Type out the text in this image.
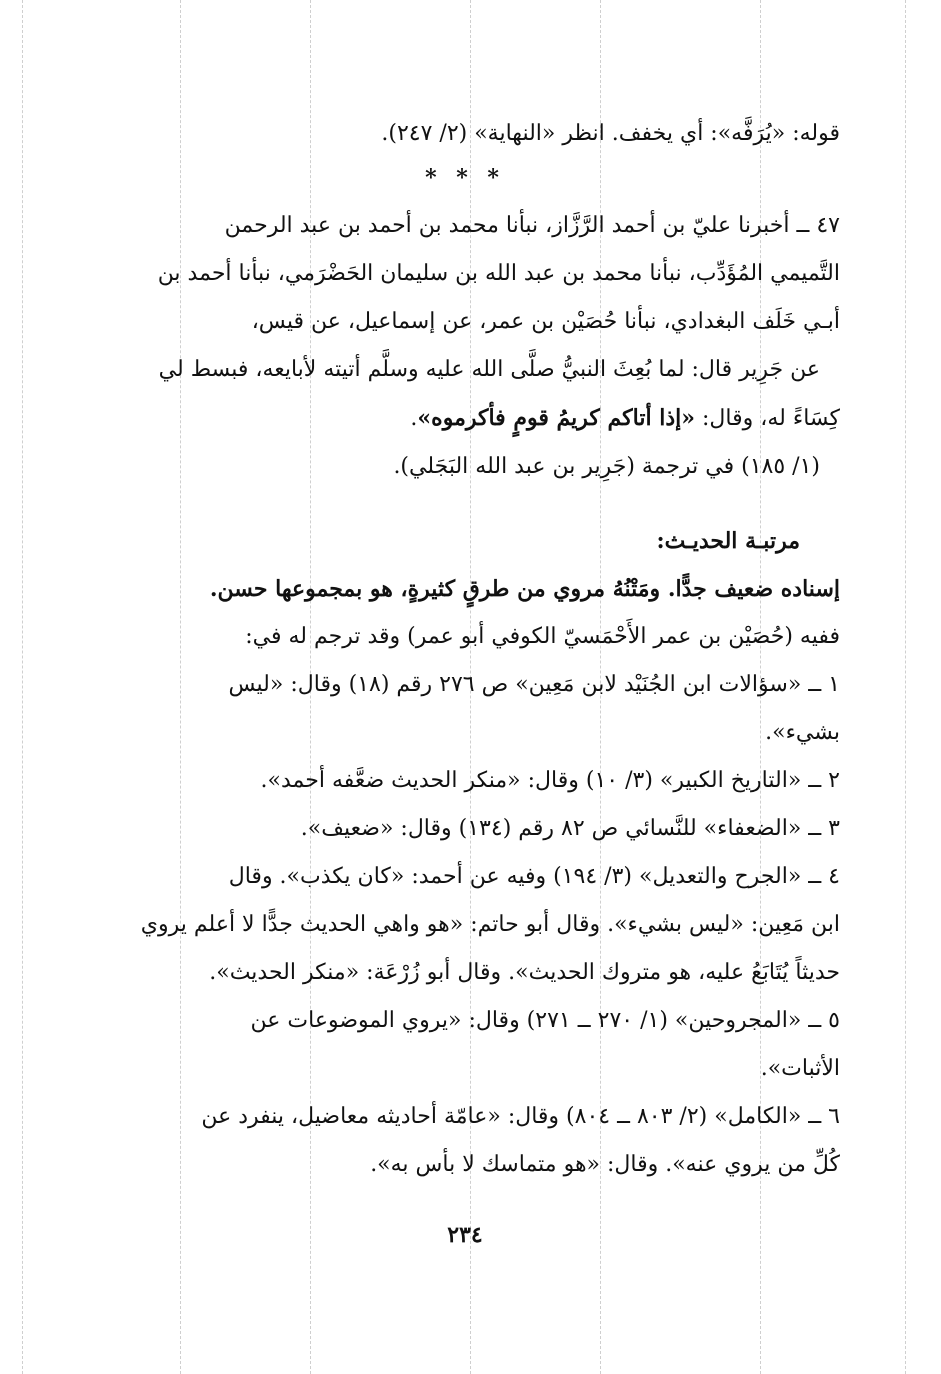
قوله: «يُرَفَّه»: أي يخفف. انظر «النهاية» (٢/ ٢٤٧).

* * *

٤٧ ــ أخبرنا عليّ بن أحمد الرَّزَّاز، نبأنا محمد بن أحمد بن عبد الرحمن

التَّميمي المُؤَدِّب، نبأنا محمد بن عبد الله بن سليمان الحَضْرَمي، نبأنا أحمد بن

أبـي خَلَف البغدادي، نبأنا حُصَيْن بن عمر، عن إسماعيل، عن قيس،

عن جَرِير قال: لما بُعِثَ النبيُّ صلَّى الله عليه وسلَّم أتيته لأبايعه، فبسط لي

كِسَاءً له، وقال: «إذا أتاكم كريمُ قومٍ فأكرموه».

(١/ ١٨٥) في ترجمة (جَرِير بن عبد الله البَجَلي).

مرتبـة الحديـث:

إسناده ضعيف جدًّا. ومَتْنُهُ مروي من طرقٍ كثيرةٍ، هو بمجموعها حسن.

ففيه (حُصَيْن بن عمر الأَحْمَسيّ الكوفي أبو عمر) وقد ترجم له في:

١ ــ «سؤالات ابن الجُنَيْد لابن مَعِين» ص ٢٧٦ رقم (١٨) وقال: «ليس

بشيء».

٢ ــ «التاريخ الكبير» (٣/ ١٠) وقال: «منكر الحديث ضعَّفه أحمد».

٣ ــ «الضعفاء» للنَّسائي ص ٨٢ رقم (١٣٤) وقال: «ضعيف».

٤ ــ «الجرح والتعديل» (٣/ ١٩٤) وفيه عن أحمد: «كان يكذب». وقال

ابن مَعِين: «ليس بشيء». وقال أبو حاتم: «هو واهي الحديث جدًّا لا أعلم يروي

حديثاً يُتَابَعُ عليه، هو متروك الحديث». وقال أبو زُرْعَة: «منكر الحديث».

٥ ــ «المجروحين» (١/ ٢٧٠ ــ ٢٧١) وقال: «يروي الموضوعات عن

الأثبات».

٦ ــ «الكامل» (٢/ ٨٠٣ ــ ٨٠٤) وقال: «عامّة أحاديثه معاضيل، ينفرد عن

كُلِّ من يروي عنه». وقال: «هو متماسك لا بأس به».

٢٣٤
